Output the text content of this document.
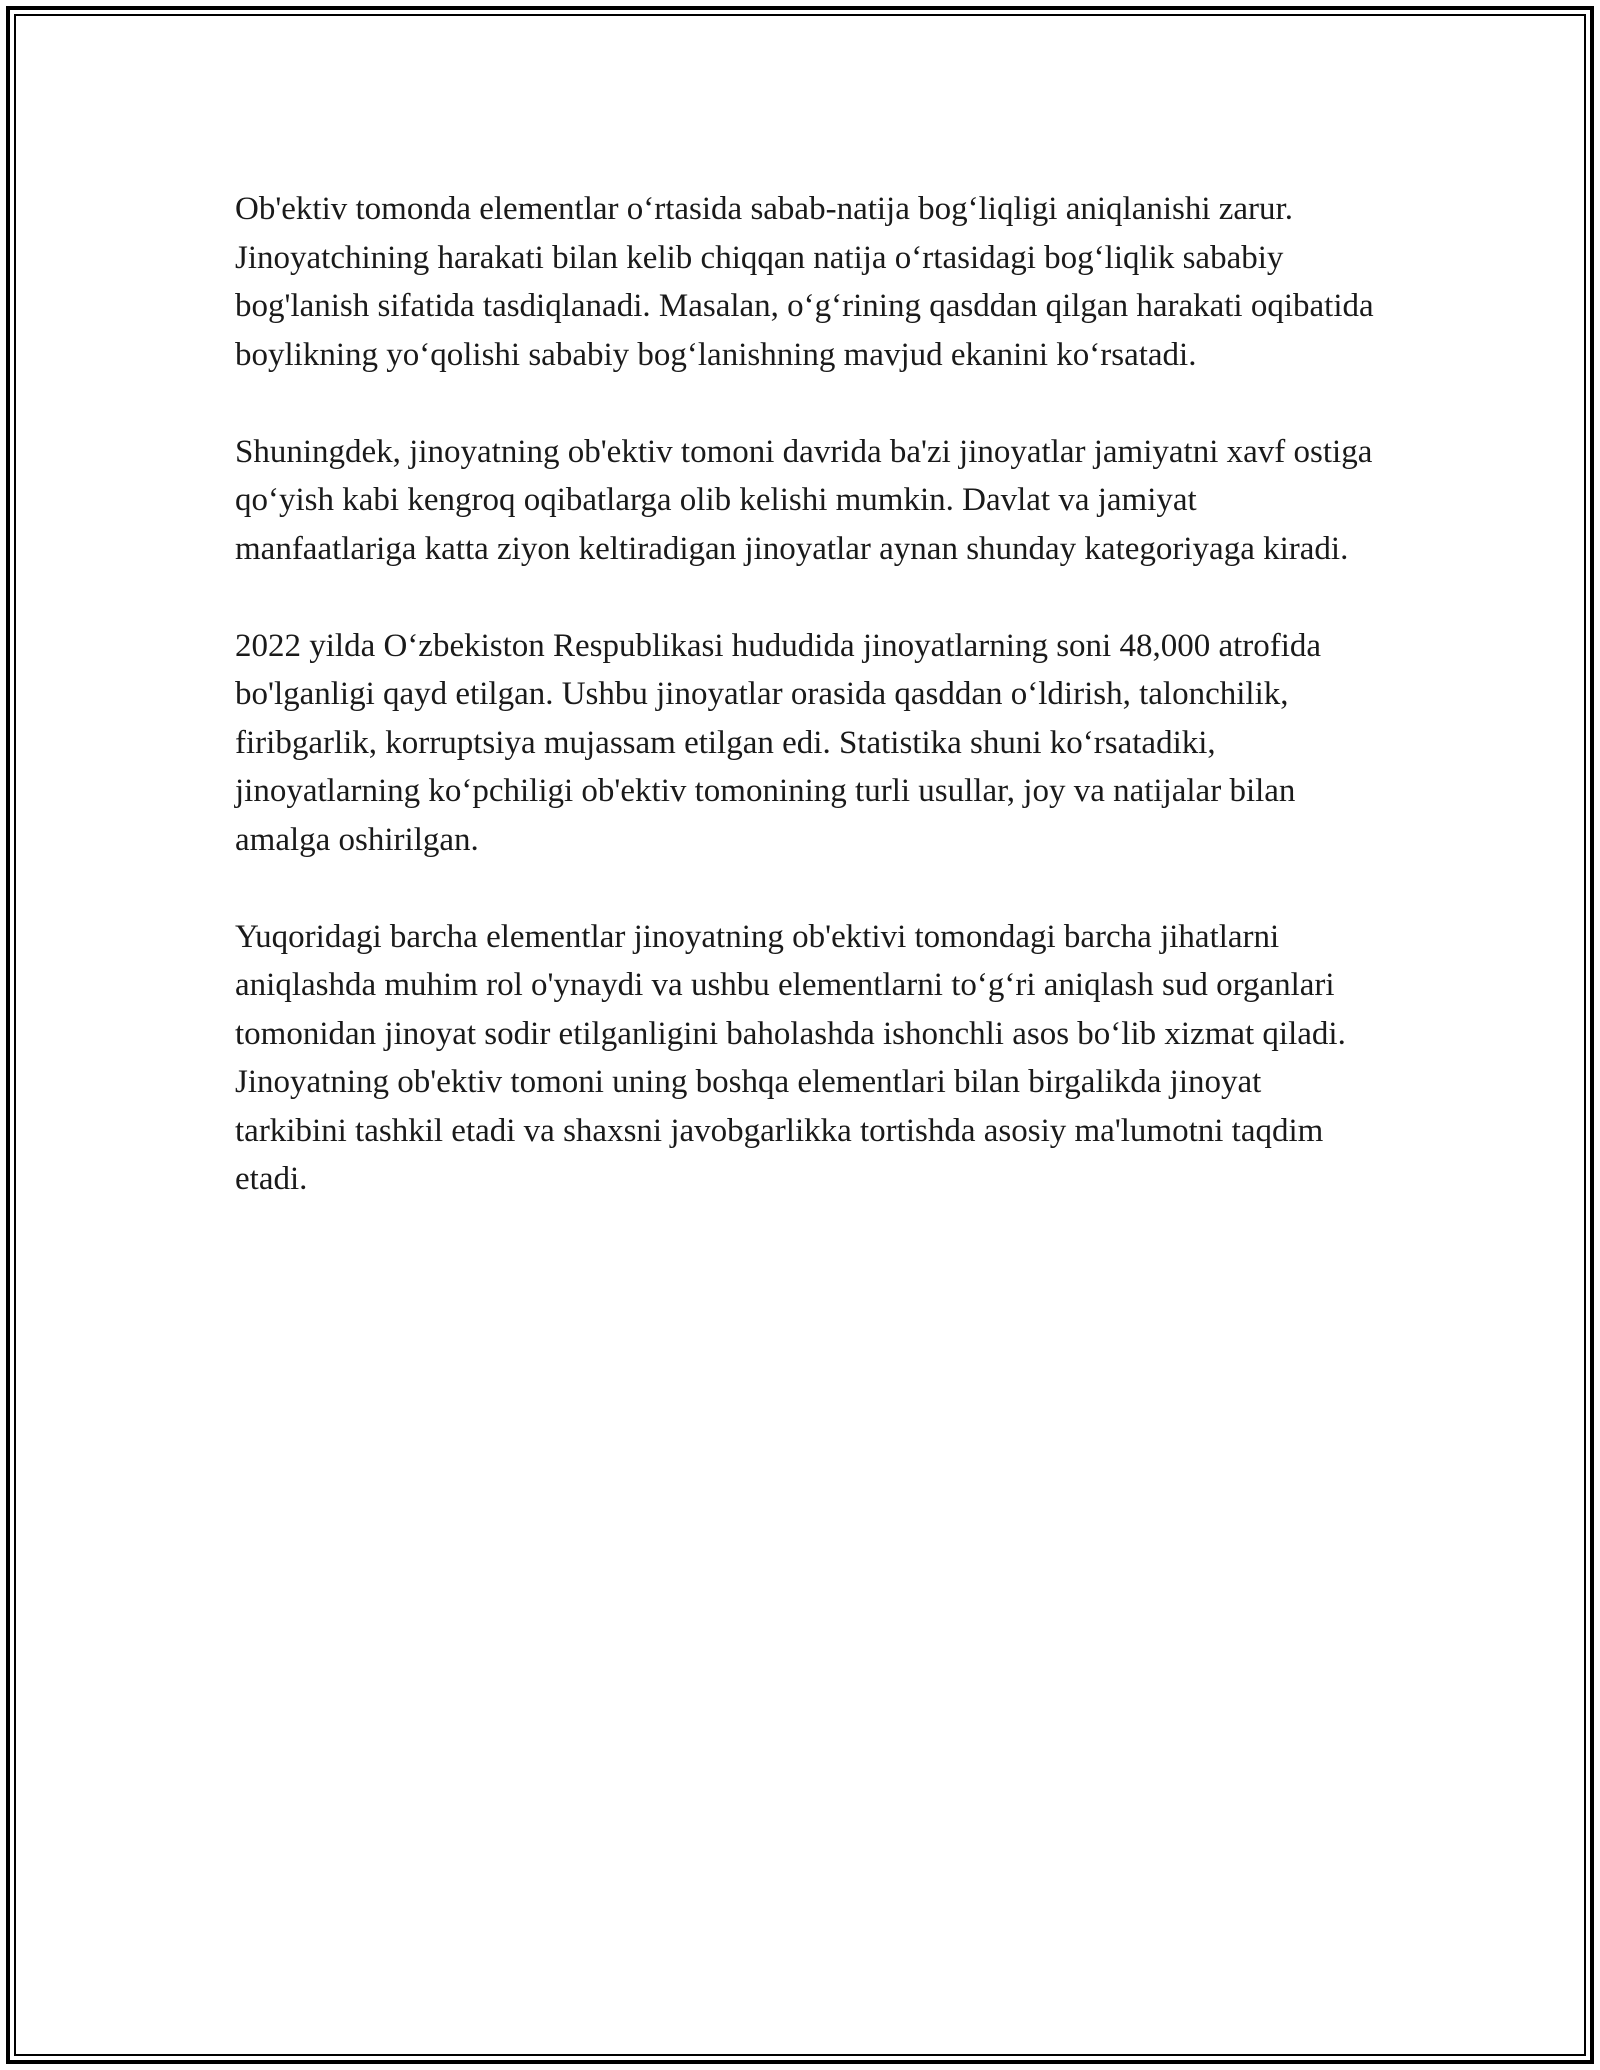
Ob'ektiv tomonda elementlar o‘rtasida sabab-natija bog‘liqligi aniqlanishi zarur. Jinoyatchining harakati bilan kelib chiqqan natija o‘rtasidagi bog‘liqlik sababiy bog'lanish sifatida tasdiqlanadi. Masalan, o‘g‘rining qasddan qilgan harakati oqibatida boylikning yo‘qolishi sababiy bog‘lanishning mavjud ekanini ko‘rsatadi.

Shuningdek, jinoyatning ob'ektiv tomoni davrida ba'zi jinoyatlar jamiyatni xavf ostiga qo‘yish kabi kengroq oqibatlarga olib kelishi mumkin. Davlat va jamiyat manfaatlariga katta ziyon keltiradigan jinoyatlar aynan shunday kategoriyaga kiradi.

2022 yilda O‘zbekiston Respublikasi hududida jinoyatlarning soni 48,000 atrofida bo'lganligi qayd etilgan. Ushbu jinoyatlar orasida qasddan o‘ldirish, talonchilik, firibgarlik, korruptsiya mujassam etilgan edi. Statistika shuni ko‘rsatadiki, jinoyatlarning ko‘pchiligi ob'ektiv tomonining turli usullar, joy va natijalar bilan amalga oshirilgan.

Yuqoridagi barcha elementlar jinoyatning ob'ektivi tomondagi barcha jihatlarni aniqlashda muhim rol o'ynaydi va ushbu elementlarni to‘g‘ri aniqlash sud organlari tomonidan jinoyat sodir etilganligini baholashda ishonchli asos bo‘lib xizmat qiladi. Jinoyatning ob'ektiv tomoni uning boshqa elementlari bilan birgalikda jinoyat tarkibini tashkil etadi va shaxsni javobgarlikka tortishda asosiy ma'lumotni taqdim etadi.
